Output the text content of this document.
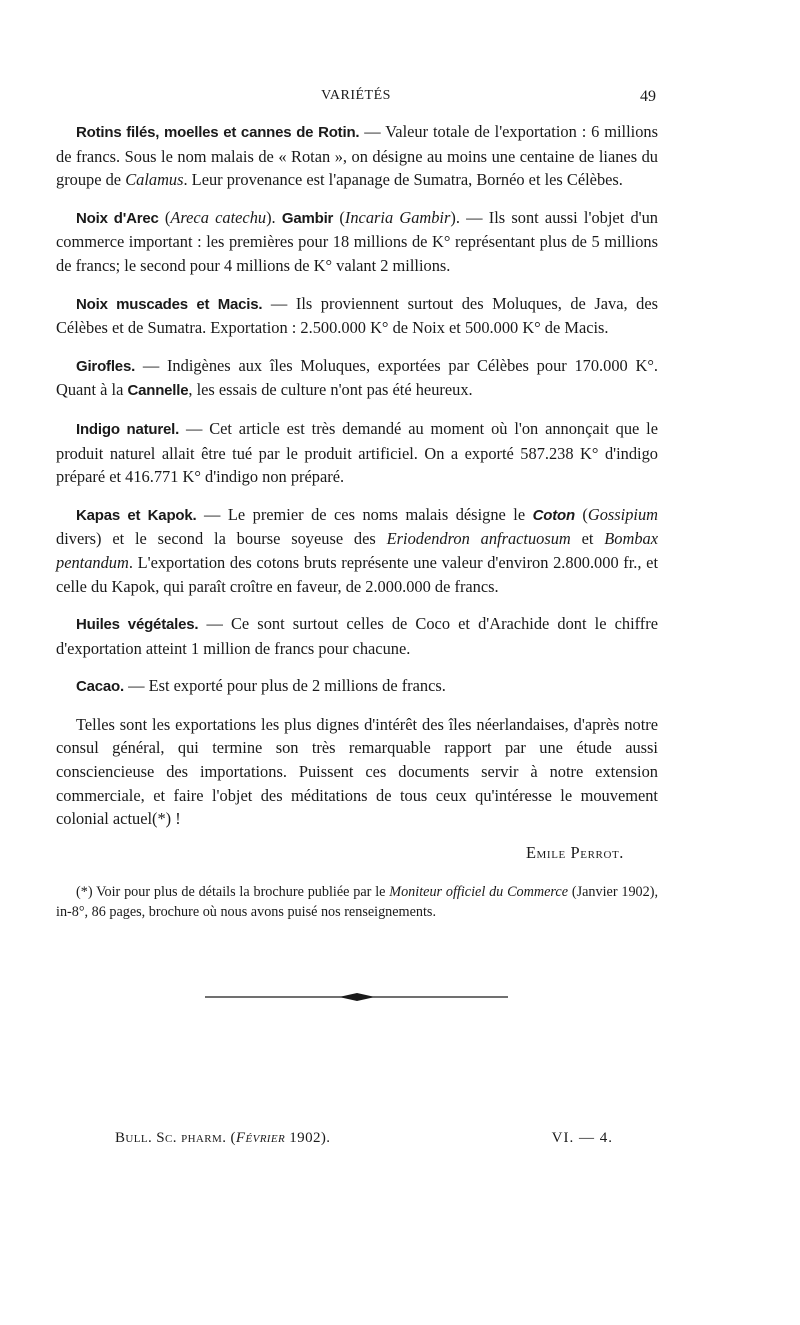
VARIÉTÉS	49

Rotins filés, moelles et cannes de Rotin. — Valeur totale de l'exportation : 6 millions de francs. Sous le nom malais de « Rotan », on désigne au moins une centaine de lianes du groupe de Calamus. Leur provenance est l'apanage de Sumatra, Bornéo et les Célèbes.

Noix d'Arec (Areca catechu). Gambir (Incaria Gambir). — Ils sont aussi l'objet d'un commerce important : les premières pour 18 millions de K° représentant plus de 5 millions de francs; le second pour 4 millions de K° valant 2 millions.

Noix muscades et Macis. — Ils proviennent surtout des Moluques, de Java, des Célèbes et de Sumatra. Exportation : 2.500.000 K° de Noix et 500.000 K° de Macis.

Girofles. — Indigènes aux îles Moluques, exportées par Célèbes pour 170.000 K°. Quant à la Cannelle, les essais de culture n'ont pas été heureux.

Indigo naturel. — Cet article est très demandé au moment où l'on annonçait que le produit naturel allait être tué par le produit artificiel. On a exporté 587.238 K° d'indigo préparé et 416.771 K° d'indigo non préparé.

Kapas et Kapok. — Le premier de ces noms malais désigne le Coton (Gossipium divers) et le second la bourse soyeuse des Eriodendron anfractuosum et Bombax pentandum. L'exportation des cotons bruts représente une valeur d'environ 2.800.000 fr., et celle du Kapok, qui paraît croître en faveur, de 2.000.000 de francs.

Huiles végétales. — Ce sont surtout celles de Coco et d'Arachide dont le chiffre d'exportation atteint 1 million de francs pour chacune.

Cacao. — Est exporté pour plus de 2 millions de francs.

Telles sont les exportations les plus dignes d'intérêt des îles néerlandaises, d'après notre consul général, qui termine son très remarquable rapport par une étude aussi consciencieuse des importations. Puissent ces documents servir à notre extension commerciale, et faire l'objet des méditations de tous ceux qu'intéresse le mouvement colonial actuel(*) !

Emile Perrot.

(*) Voir pour plus de détails la brochure publiée par le Moniteur officiel du Commerce (Janvier 1902), in-8°, 86 pages, brochure où nous avons puisé nos renseignements.

Bull. Sc. pharm. (Février 1902).	VI. — 4.
